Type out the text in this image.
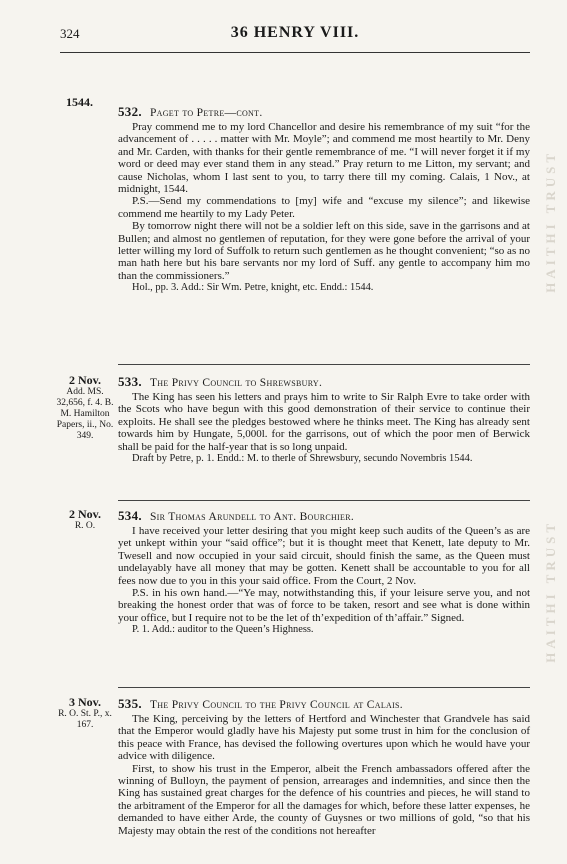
324	36 HENRY VIII.
1544.
532. Paget to Petre—cont.

Pray commend me to my lord Chancellor and desire his remembrance of my suit “for the advancement of . . . . . matter with Mr. Moyle”; and commend me most heartily to Mr. Deny and Mr. Carden, with thanks for their gentle remembrance of me. “I will never forget it if my word or deed may ever stand them in any stead.” Pray return to me Litton, my servant; and cause Nicholas, whom I last sent to you, to tarry there till my coming. Calais, 1 Nov., at midnight, 1544.

P.S.—Send my commendations to [my] wife and “excuse my silence”; and likewise commend me heartily to my Lady Peter.

By tomorrow night there will not be a soldier left on this side, save in the garrisons and at Bullen; and almost no gentlemen of reputation, for they were gone before the arrival of your letter willing my lord of Suffolk to return such gentlemen as he thought convenient; “so as no man hath here but his bare servants nor my lord of Suff. any gentle to accompany him mo than the commissioners.”

Hol., pp. 3. Add.: Sir Wm. Petre, knight, etc. Endd.: 1544.

2 Nov.
Add. MS. 32,656, f. 4. B. M. Hamilton Papers, ii., No. 349.
533. The Privy Council to Shrewsbury.

The King has seen his letters and prays him to write to Sir Ralph Evre to take order with the Scots who have begun with this good demonstration of their service to continue their exploits. He shall see the pledges bestowed where he thinks meet. The King has already sent towards him by Hungate, 5,000l. for the garrisons, out of which the poor men of Berwick shall be paid for the half-year that is so long unpaid.

Draft by Petre, p. 1. Endd.: M. to therle of Shrewsbury, secundo Novembris 1544.

2 Nov.
R. O.
534. Sir Thomas Arundell to Ant. Bourchier.

I have received your letter desiring that you might keep such audits of the Queen’s as are yet unkept within your “said office”; but it is thought meet that Kenett, late deputy to Mr. Twesell and now occupied in your said circuit, should finish the same, as the Queen must undelayably have all money that may be gotten. Kenett shall be accountable to you for all fees now due to you in this your said office. From the Court, 2 Nov.

P.S. in his own hand.—“Ye may, notwithstanding this, if your leisure serve you, and not breaking the honest order that was of force to be taken, resort and see what is done within your office, but I require not to be the let of th’expedition of th’affair.” Signed.

P. 1. Add.: auditor to the Queen’s Highness.

3 Nov.
R. O. St. P., x. 167.
535. The Privy Council to the Privy Council at Calais.

The King, perceiving by the letters of Hertford and Winchester that Grandvele has said that the Emperor would gladly have his Majesty put some trust in him for the conclusion of this peace with France, has devised the following overtures upon which he would have your advice with diligence.

First, to show his trust in the Emperor, albeit the French ambassadors offered after the winning of Bulloyn, the payment of pension, arrearages and indemnities, and since then the King has sustained great charges for the defence of his countries and pieces, he will stand to the arbitrament of the Emperor for all the damages for which, before these latter expenses, he demanded to have either Arde, the county of Guysnes or two millions of gold, “so that his Majesty may obtain the rest of the conditions not hereafter

HAITHI TRUST
HAITHI TRUST
